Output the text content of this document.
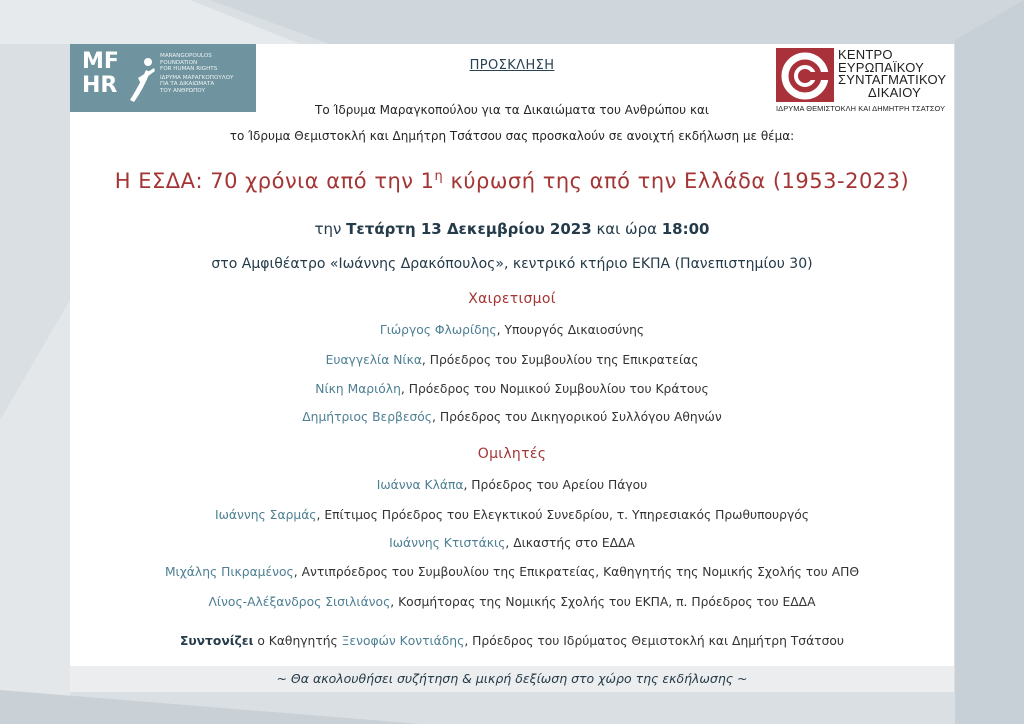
MF
HR
MARANGOPOULOS
FOUNDATION
FOR HUMAN RIGHTS
ΙΔΡΥΜΑ ΜΑΡΑΓΚΟΠΟΥΛΟΥ
ΓΙΑ ΤΑ ΔΙΚΑΙΩΜΑΤΑ
ΤΟΥ ΑΝΘΡΩΠΟΥ
ΚΕΝΤΡΟ
ΕΥΡΩΠΑΪΚΟΥ
ΣΥΝΤΑΓΜΑΤΙΚΟΥ
ΔΙΚΑΙΟΥ
ΙΔΡΥΜΑ ΘΕΜΙΣΤΟΚΛΗ ΚΑΙ ΔΗΜΗΤΡΗ ΤΣΑΤΣΟΥ
ΠΡΟΣΚΛΗΣΗ
Το Ίδρυμα Μαραγκοπούλου για τα Δικαιώματα του Ανθρώπου και
το Ίδρυμα Θεμιστοκλή και Δημήτρη Τσάτσου σας προσκαλούν σε ανοιχτή εκδήλωση με θέμα:
Η ΕΣΔΑ: 70 χρόνια από την $1^\eta$ κύρωσή της από την Ελλάδα (1953-2023)
την Τετάρτη 13 Δεκεμβρίου 2023 και ώρα 18:00
στο Αμφιθέατρο «Ιωάννης Δρακόπουλος», κεντρικό κτήριο ΕΚΠΑ (Πανεπιστημίου 30)
Χαιρετισμοί
Γιώργος Φλωρίδης, Υπουργός Δικαιοσύνης
Ευαγγελία Νίκα, Πρόεδρος του Συμβουλίου της Επικρατείας
Νίκη Μαριόλη, Πρόεδρος του Νομικού Συμβουλίου του Κράτους
Δημήτριος Βερβεσός, Πρόεδρος του Δικηγορικού Συλλόγου Αθηνών
Ομιλητές
Ιωάννα Κλάπα, Πρόεδρος του Αρείου Πάγου
Ιωάννης Σαρμάς, Επίτιμος Πρόεδρος του Ελεγκτικού Συνεδρίου, τ. Υπηρεσιακός Πρωθυπουργός
Ιωάννης Κτιστάκις, Δικαστής στο ΕΔΔΑ
Μιχάλης Πικραμένος, Αντιπρόεδρος του Συμβουλίου της Επικρατείας, Καθηγητής της Νομικής Σχολής του ΑΠΘ
Λίνος-Αλέξανδρος Σισιλιάνος, Κοσμήτορας της Νομικής Σχολής του ΕΚΠΑ, π. Πρόεδρος του ΕΔΔΑ
Συντονίζει ο Καθηγητής Ξενοφών Κοντιάδης, Πρόεδρος του Ιδρύματος Θεμιστοκλή και Δημήτρη Τσάτσου
~ Θα ακολουθήσει συζήτηση & μικρή δεξίωση στο χώρο της εκδήλωσης ~
